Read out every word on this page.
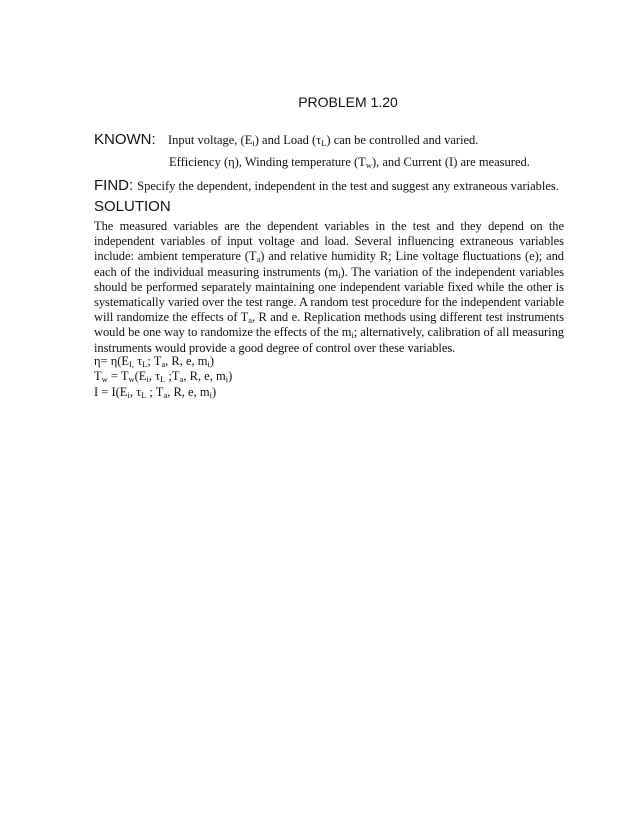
PROBLEM 1.20
KNOWN: Input voltage, $(E_i)$ and Load $(\tau_L)$ can be controlled and varied.
Efficiency (η), Winding temperature $(T_w)$, and Current (I) are measured.
FIND: Specify the dependent, independent in the test and suggest any extraneous variables.
SOLUTION
The measured variables are the dependent variables in the test and they depend on the independent variables of input voltage and load. Several influencing extraneous variables include: ambient temperature $(T_a)$ and relative humidity R; Line voltage fluctuations (e); and each of the individual measuring instruments $(m_i)$. The variation of the independent variables should be performed separately maintaining one independent variable fixed while the other is systematically varied over the test range. A random test procedure for the independent variable will randomize the effects of $T_a$, R and e. Replication methods using different test instruments would be one way to randomize the effects of the $m_i$; alternatively, calibration of all measuring instruments would provide a good degree of control over these variables.
$\eta= \eta(E_{I,}$ $\tau_L$; $T_a$, R, e, $m_i$)
$T_w = T_w(E_i$, $\tau_L$ $;T_a$, R, e, $m_i$)
$I = I(E_i$, $\tau_L$ ; $T_a$, R, e, $m_i$)
